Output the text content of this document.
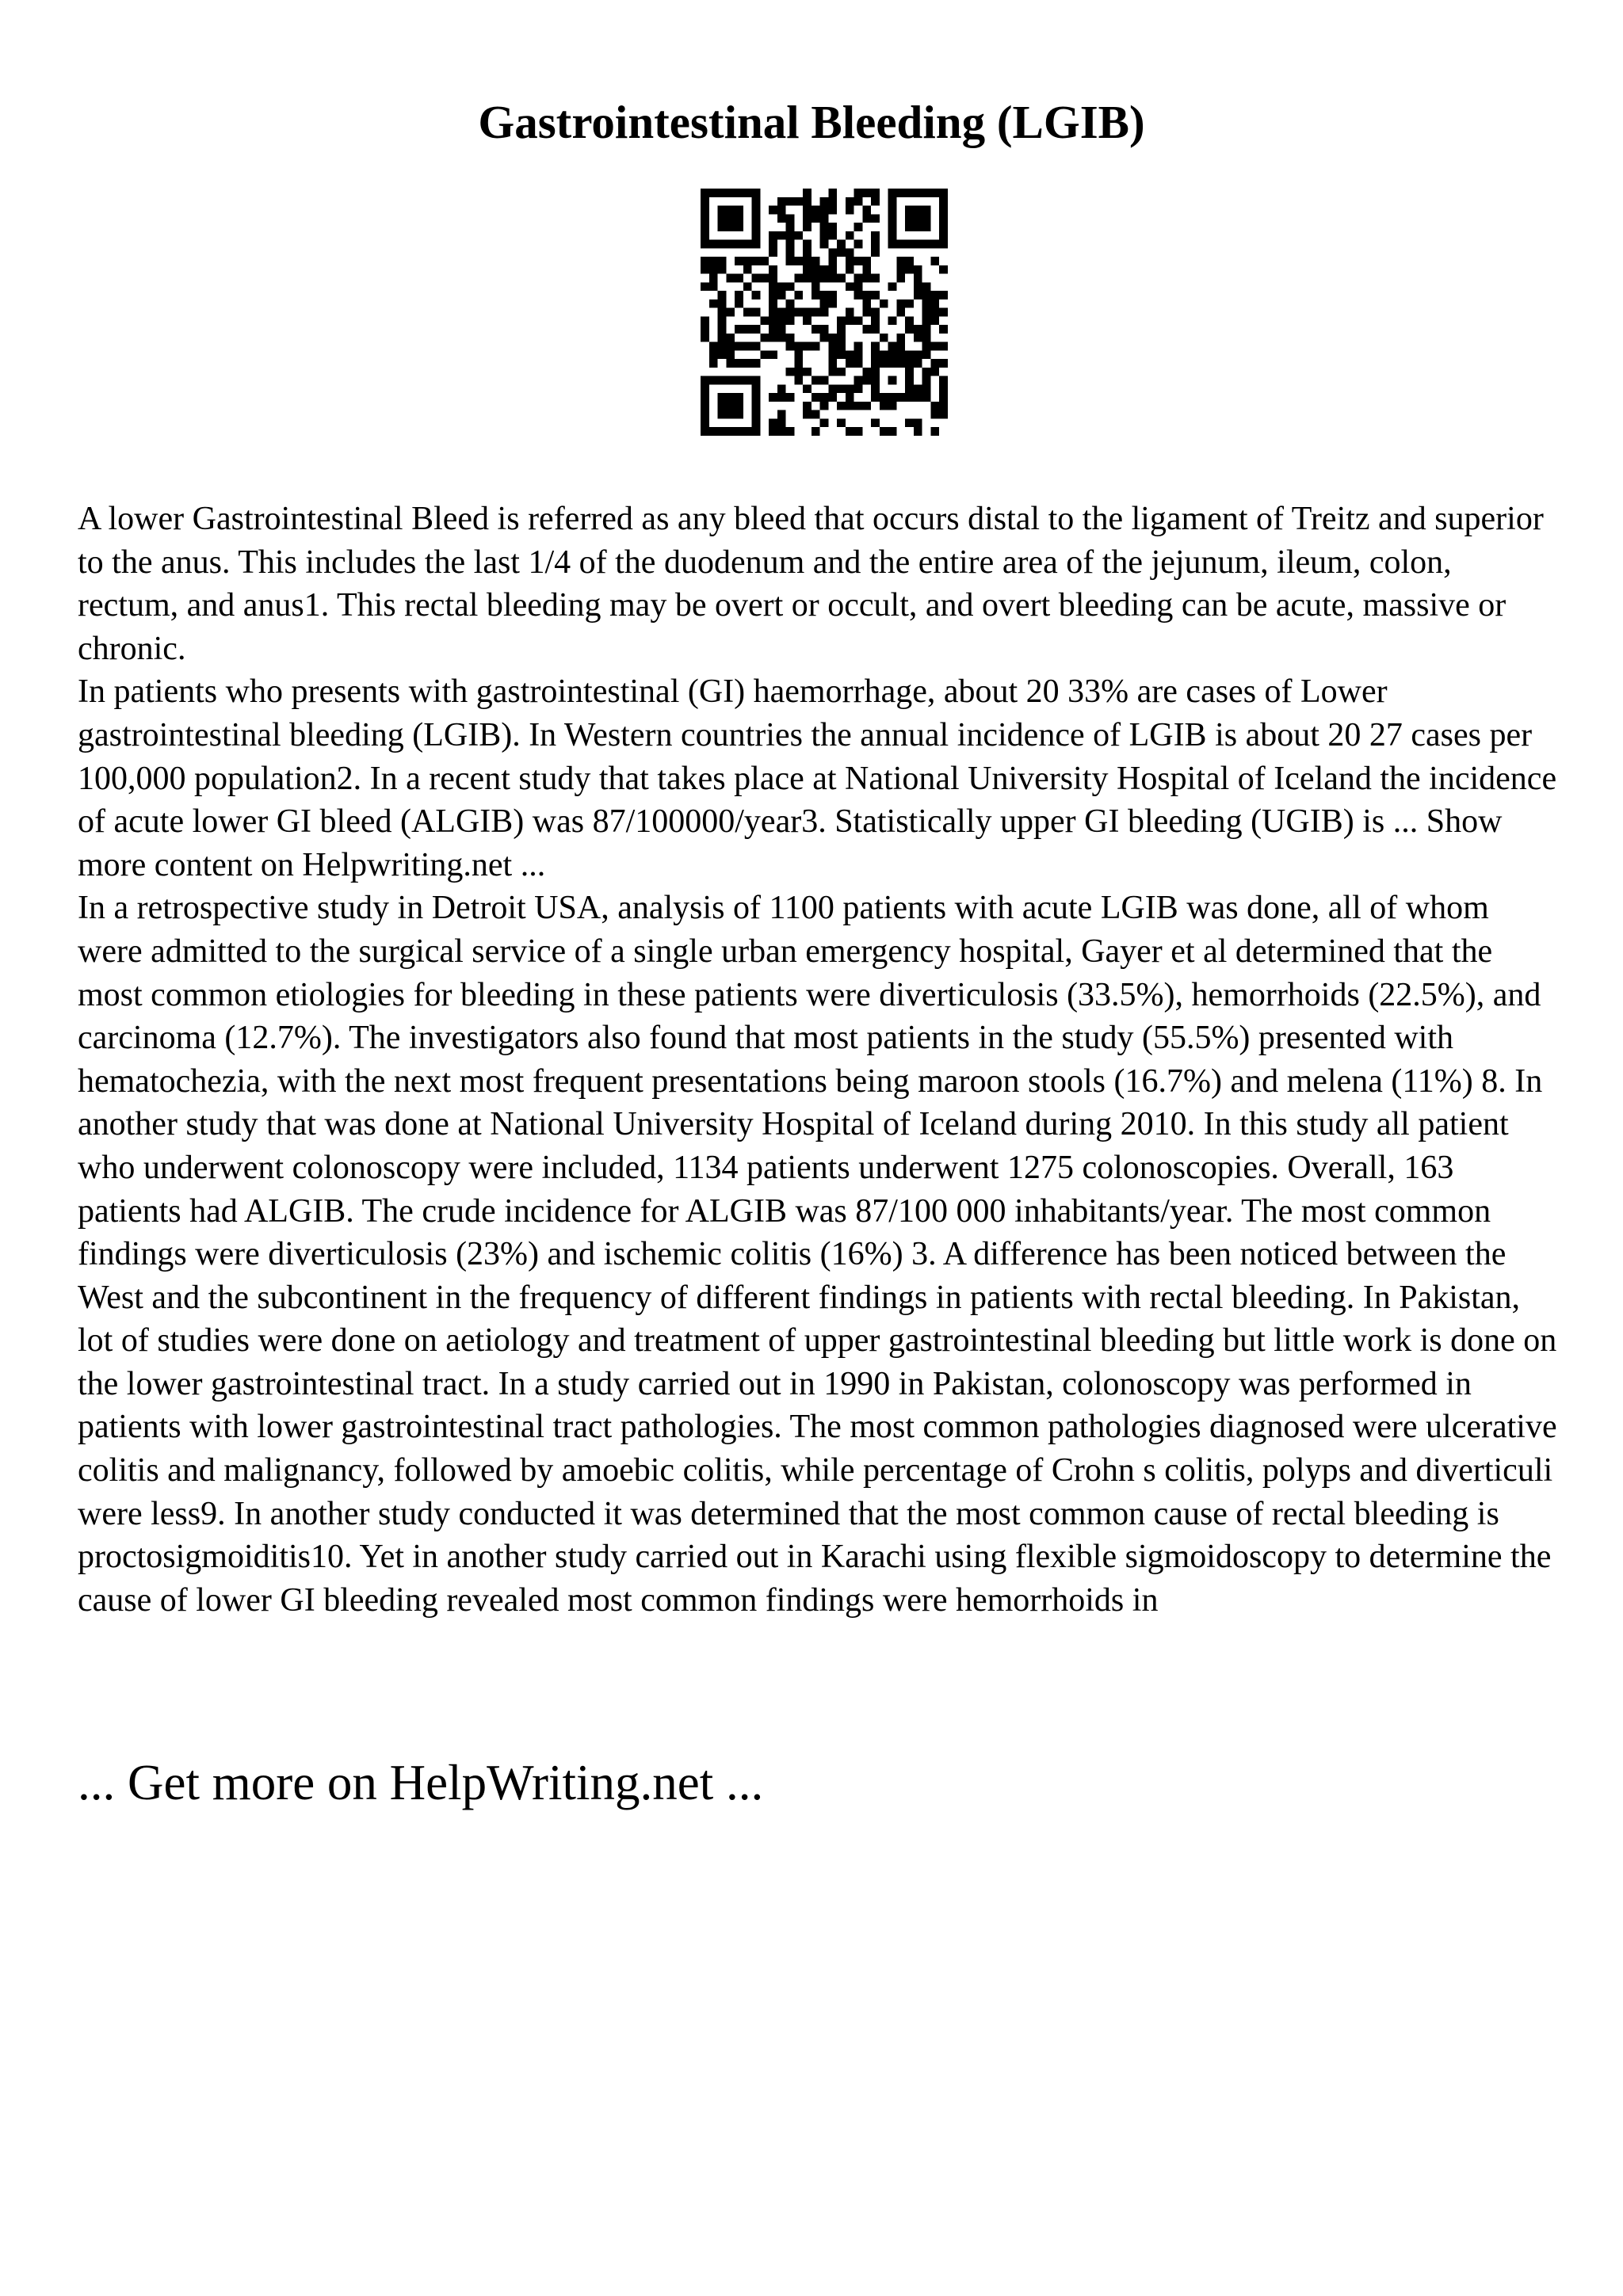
Gastrointestinal Bleeding (LGIB)

A lower Gastrointestinal Bleed is referred as any bleed that occurs distal to the ligament of Treitz and superior to the anus. This includes the last 1/4 of the duodenum and the entire area of the jejunum, ileum, colon, rectum, and anus1. This rectal bleeding may be overt or occult, and overt bleeding can be acute, massive or chronic.

In patients who presents with gastrointestinal (GI) haemorrhage, about 20 33% are cases of Lower gastrointestinal bleeding (LGIB). In Western countries the annual incidence of LGIB is about 20 27 cases per 100,000 population2. In a recent study that takes place at National University Hospital of Iceland the incidence of acute lower GI bleed (ALGIB) was 87/100000/year3. Statistically upper GI bleeding (UGIB) is ... Show more content on Helpwriting.net ...

In a retrospective study in Detroit USA, analysis of 1100 patients with acute LGIB was done, all of whom were admitted to the surgical service of a single urban emergency hospital, Gayer et al determined that the most common etiologies for bleeding in these patients were diverticulosis (33.5%), hemorrhoids (22.5%), and carcinoma (12.7%). The investigators also found that most patients in the study (55.5%) presented with hematochezia, with the next most frequent presentations being maroon stools (16.7%) and melena (11%) 8. In another study that was done at National University Hospital of Iceland during 2010. In this study all patient who underwent colonoscopy were included, 1134 patients underwent 1275 colonoscopies. Overall, 163 patients had ALGIB. The crude incidence for ALGIB was 87/100 000 inhabitants/year. The most common findings were diverticulosis (23%) and ischemic colitis (16%) 3. A difference has been noticed between the West and the subcontinent in the frequency of different findings in patients with rectal bleeding. In Pakistan, lot of studies were done on aetiology and treatment of upper gastrointestinal bleeding but little work is done on the lower gastrointestinal tract. In a study carried out in 1990 in Pakistan, colonoscopy was performed in patients with lower gastrointestinal tract pathologies. The most common pathologies diagnosed were ulcerative colitis and malignancy, followed by amoebic colitis, while percentage of Crohn s colitis, polyps and diverticuli were less9. In another study conducted it was determined that the most common cause of rectal bleeding is proctosigmoiditis10. Yet in another study carried out in Karachi using flexible sigmoidoscopy to determine the cause of lower GI bleeding revealed most common findings were hemorrhoids in

... Get more on HelpWriting.net ...
